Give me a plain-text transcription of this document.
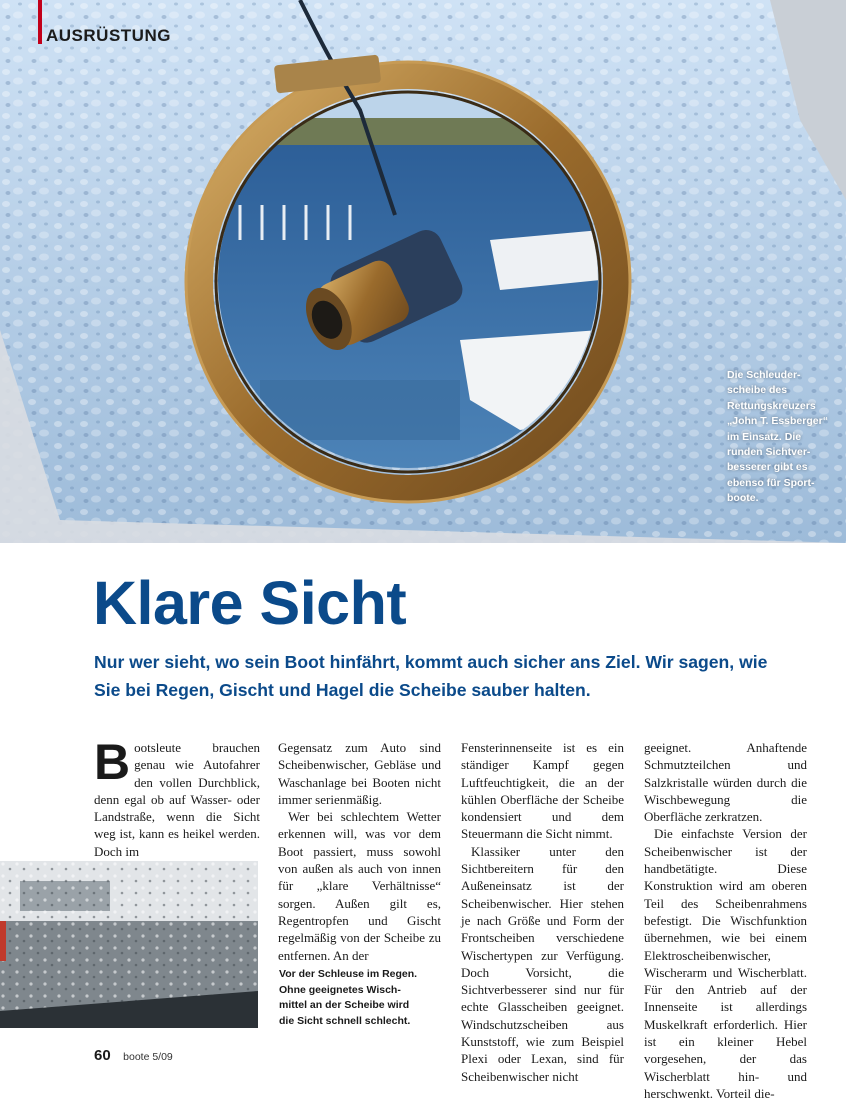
AUSRÜSTUNG
Die Schleuder-
scheibe des
Rettungskreuzers
„John T. Essberger“
im Einsatz. Die
runden Sichtver-
besserer gibt es
ebenso für Sport-
boote.
Klare Sicht
Nur wer sieht, wo sein Boot hinfährt, kommt auch sicher ans Ziel. Wir sagen, wie Sie bei Regen, Gischt und Hagel die Scheibe sauber halten.
B ootsleute brauchen genau wie Autofahrer den vollen Durchblick, denn egal ob auf Wasser- oder Landstraße, wenn die Sicht weg ist, kann es heikel werden. Doch im

Gegensatz zum Auto sind Scheibenwischer, Gebläse und Waschanlage bei Booten nicht immer serienmäßig.

Wer bei schlechtem Wetter erkennen will, was vor dem Boot passiert, muss sowohl von außen als auch von innen für „klare Verhältnisse“ sorgen. Außen gilt es, Regentropfen und Gischt regelmäßig von der Scheibe zu entfernen. An der

Vor der Schleuse im Regen.
Ohne geeignetes Wisch-
mittel an der Scheibe wird
die Sicht schnell schlecht.

Fensterinnenseite ist es ein ständiger Kampf gegen Luftfeuchtigkeit, die an der kühlen Oberfläche der Scheibe kondensiert und dem Steuermann die Sicht nimmt.

Klassiker unter den Sichtbereitern für den Außeneinsatz ist der Scheibenwischer. Hier stehen je nach Größe und Form der Frontscheiben verschiedene Wischertypen zur Verfügung. Doch Vorsicht, die Sichtverbesserer sind nur für echte Glasscheiben geeignet. Windschutzscheiben aus Kunststoff, wie zum Beispiel Plexi oder Lexan, sind für Scheibenwischer nicht

geeignet. Anhaftende Schmutzteilchen und Salzkristalle würden durch die Wischbewegung die Oberfläche zerkratzen.

Die einfachste Version der Scheibenwischer ist der handbetätigte. Diese Konstruktion wird am oberen Teil des Scheibenrahmens befestigt. Die Wischfunktion übernehmen, wie bei einem Elektroscheibenwischer, Wischerarm und Wischerblatt. Für den Antrieb auf der Innenseite ist allerdings Muskelkraft erforderlich. Hier ist ein kleiner Hebel vorgesehen, der das Wischerblatt hin- und herschwenkt. Vorteil die-

60 boote 5/09
